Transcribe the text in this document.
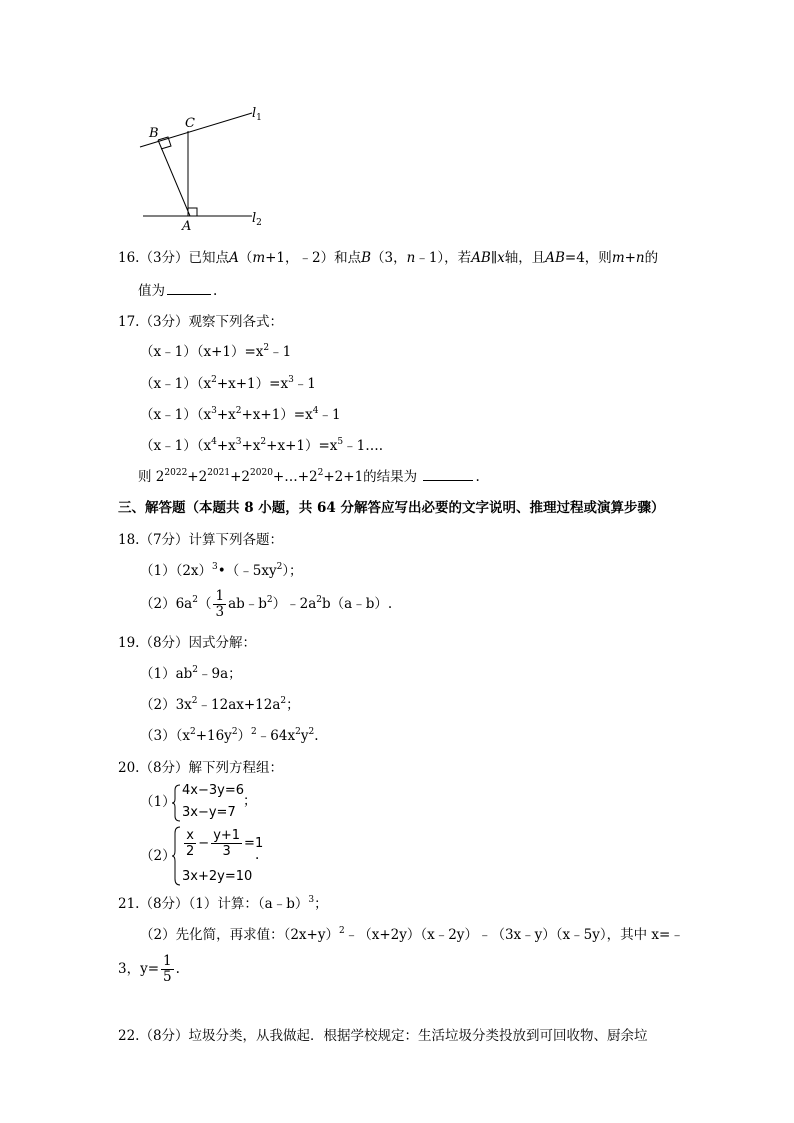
B
C
A
$l_1$
$l_2$
16.（3分）已知点A（m+1，﹣2）和点B（3，n﹣1），若AB∥x轴，且AB=4，则m+n的
值为	.
17.（3分）观察下列各式：
$(x﹣1)(x+1)=x^2﹣1$
$(x﹣1)(x^2+x+1)=x^3﹣1$
$(x﹣1)(x^3+x^2+x+1)=x^4﹣1$
$(x﹣1)(x^4+x^3+x^2+x+1)=x^5﹣1\dots$.
则 $2^{2022}+2^{2021}+2^{2020}+\dots+2^2+2+1$的结果为	.
三、解答题（本题共 8 小题，共 64 分解答应写出必要的文字说明、推理过程或演算步骤）
18.（7分）计算下列各题：
$(1)(2x)^3•(﹣5xy^2)$；
$(2)6a^2( \frac{1}{3}$ $ab﹣b^2)﹣2a^2b(a﹣b)$.
19.（8分）因式分解：
$(1)ab^2﹣9a$；
$(2)3x^2﹣12ax+12a^2$；
$(3)(x^2+16y^2)^2﹣64x^2y^2$.
20.（8分）解下列方程组：
（1）
4x−3y=6
3x−y=7
；
$(2) \frac{x}{2} - \frac{y+1}{3} =1$
3x+2y=10
.
21.（8分）（1）计算：（a﹣b）$^3$；
（2）先化简，再求值：$(2x+y)^2﹣(x+2y)(x﹣2y)﹣(3x﹣y)(x﹣5y)$，其中 x=﹣
3，$y= \frac{1}{5}$ .
22.（8分）垃圾分类，从我做起．根据学校规定：生活垃圾分类投放到可回收物、厨余垃
